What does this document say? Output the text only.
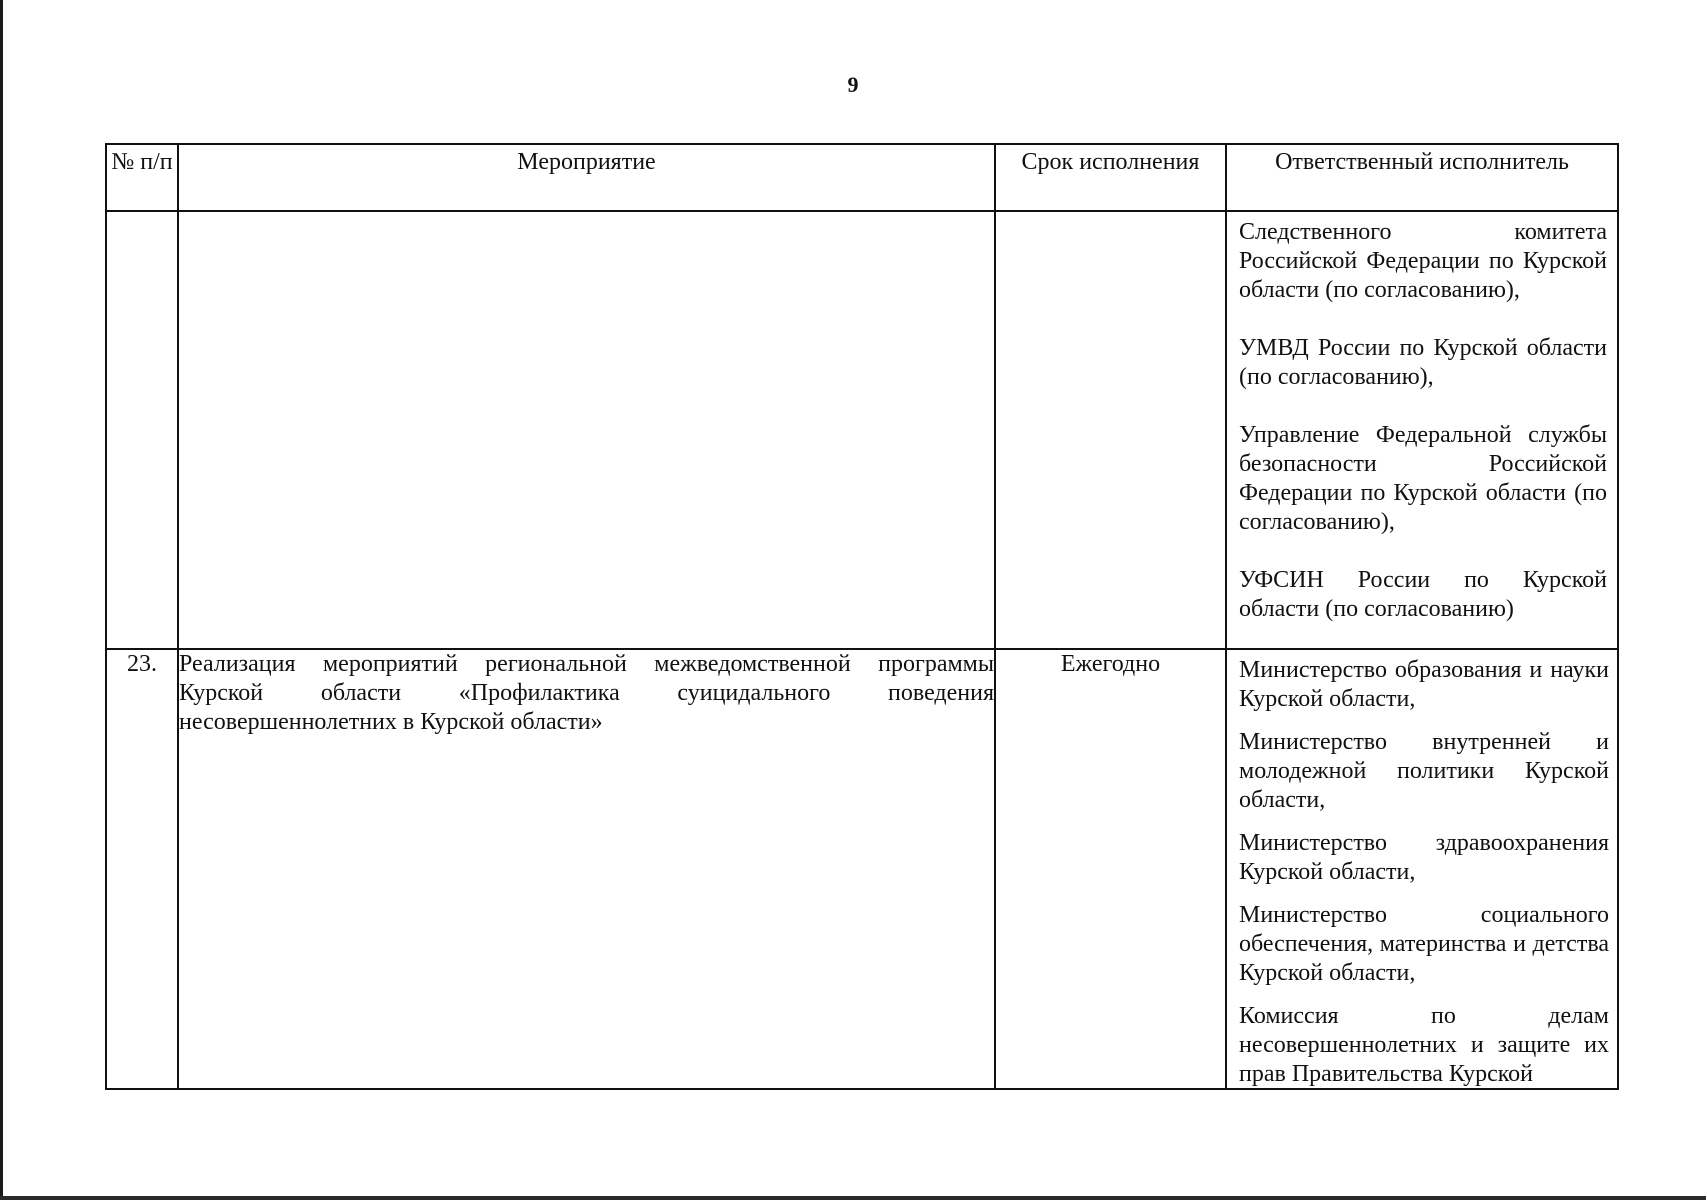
9
№ п/п	Мероприятие	Срок исполнения	Ответственный исполнитель

			Следственного комитета Российской Федерации по Курской области (по согласованию),
УМВД России по Курской области (по согласованию),
Управление Федеральной службы безопасности Российской Федерации по Курской области (по согласованию),
УФСИН России по Курской области (по согласованию)

23.	Реализация мероприятий региональной межведомственной программы Курской области «Профилактика суицидального поведения несовершеннолетних в Курской области»	Ежегодно	Министерство образования и науки Курской области,
Министерство внутренней и молодежной политики Курской области,
Министерство здравоохранения Курской области,
Министерство социального обеспечения, материнства и детства Курской области,
Комиссия по делам несовершеннолетних и защите их прав Правительства Курской
